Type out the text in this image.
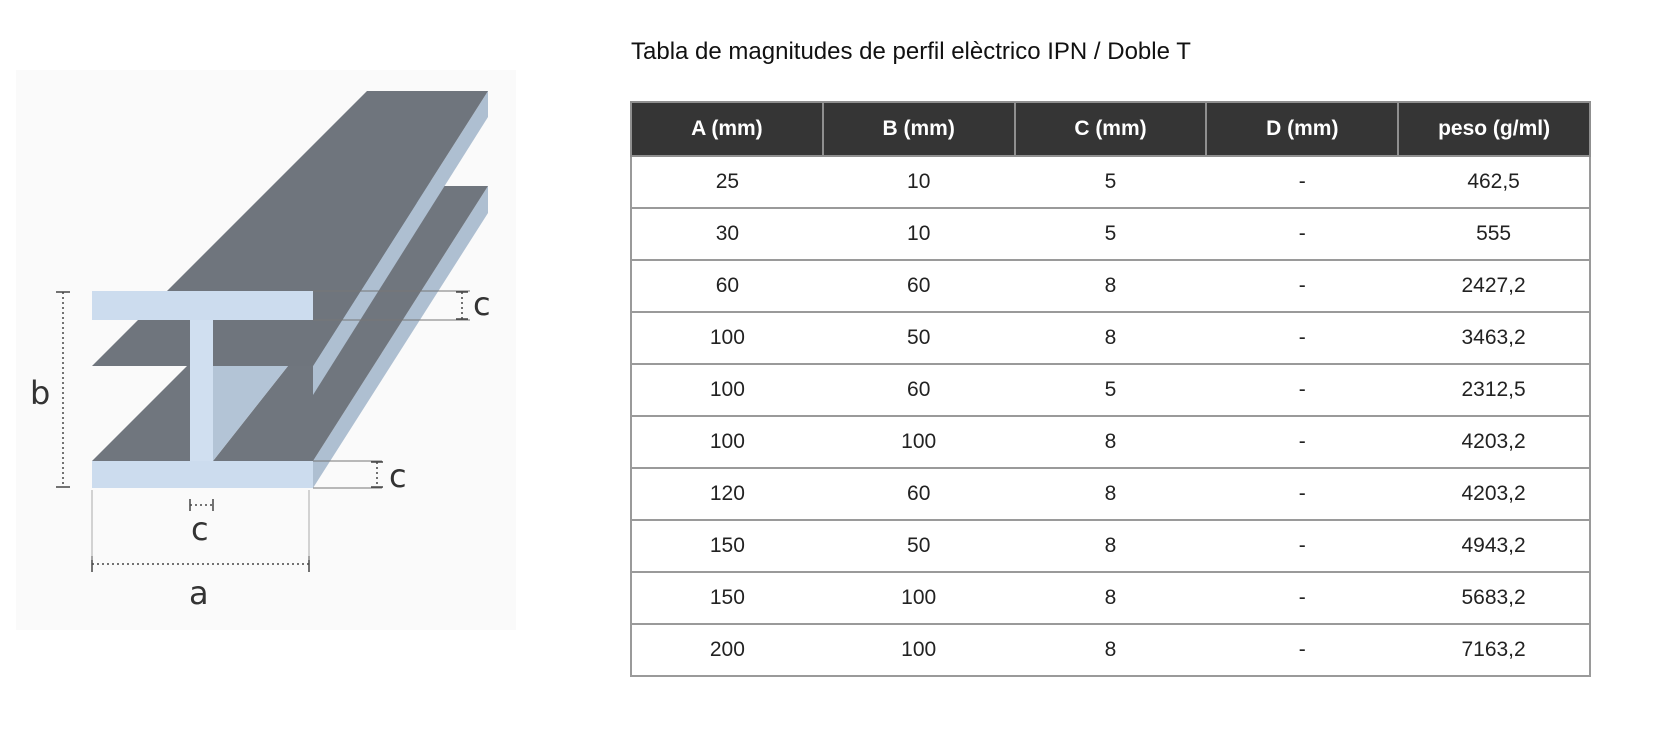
b
a
c
c
c
Tabla de magnitudes de perfil elèctrico IPN / Doble T
A (mm)	B (mm)	C (mm)	D (mm)	peso (g/ml)
25	10	5	-	462,5
30	10	5	-	555
60	60	8	-	2427,2
100	50	8	-	3463,2
100	60	5	-	2312,5
100	100	8	-	4203,2
120	60	8	-	4203,2
150	50	8	-	4943,2
150	100	8	-	5683,2
200	100	8	-	7163,2
